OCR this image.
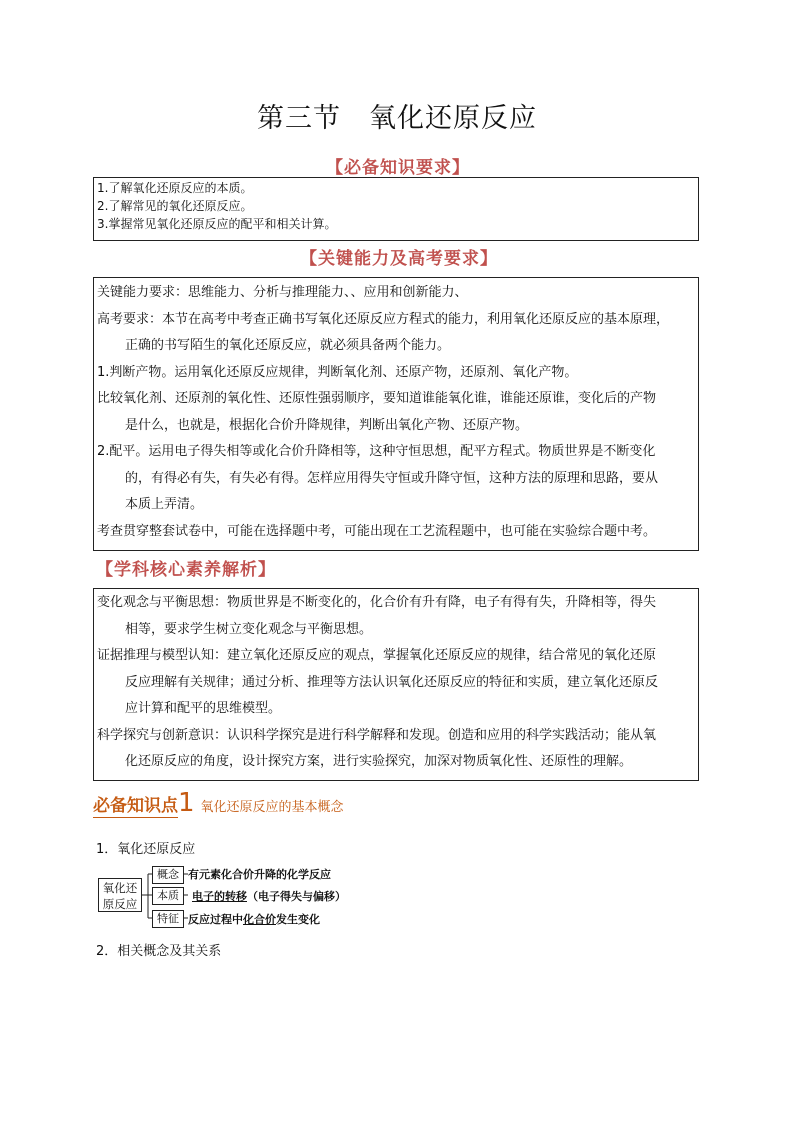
第三节　氧化还原反应
【必备知识要求】
1.了解氧化还原反应的本质。
2.了解常见的氧化还原反应。
3.掌握常见氧化还原反应的配平和相关计算。
【关键能力及高考要求】
关键能力要求：思维能力、分析与推理能力、、应用和创新能力、
高考要求：本节在高考中考查正确书写氧化还原反应方程式的能力，利用氧化还原反应的基本原理，
正确的书写陌生的氧化还原反应，就必须具备两个能力。
1.判断产物。运用氧化还原反应规律，判断氧化剂、还原产物，还原剂、氧化产物。
比较氧化剂、还原剂的氧化性、还原性强弱顺序，要知道谁能氧化谁，谁能还原谁，变化后的产物
是什么，也就是，根据化合价升降规律，判断出氧化产物、还原产物。
2.配平。运用电子得失相等或化合价升降相等，这种守恒思想，配平方程式。物质世界是不断变化
的，有得必有失，有失必有得。怎样应用得失守恒或升降守恒，这种方法的原理和思路，要从
本质上弄清。
考查贯穿整套试卷中，可能在选择题中考，可能出现在工艺流程题中，也可能在实验综合题中考。
【学科核心素养解析】
变化观念与平衡思想：物质世界是不断变化的，化合价有升有降，电子有得有失，升降相等，得失
相等，要求学生树立变化观念与平衡思想。
证据推理与模型认知：建立氧化还原反应的观点，掌握氧化还原反应的规律，结合常见的氧化还原
反应理解有关规律；通过分析、推理等方法认识氧化还原反应的特征和实质，建立氧化还原反
应计算和配平的思维模型。
科学探究与创新意识：认识科学探究是进行科学解释和发现。创造和应用的科学实践活动；能从氧
化还原反应的角度，设计探究方案，进行实验探究，加深对物质氧化性、还原性的理解。
必备知识点1 氧化还原反应的基本概念
1．氧化还原反应
氧化还
原反应
概念 有元素化合价升降的化学反应
本质	电子的转移（电子得失与偏移）
特征 反应过程中化合价发生变化
2．相关概念及其关系
